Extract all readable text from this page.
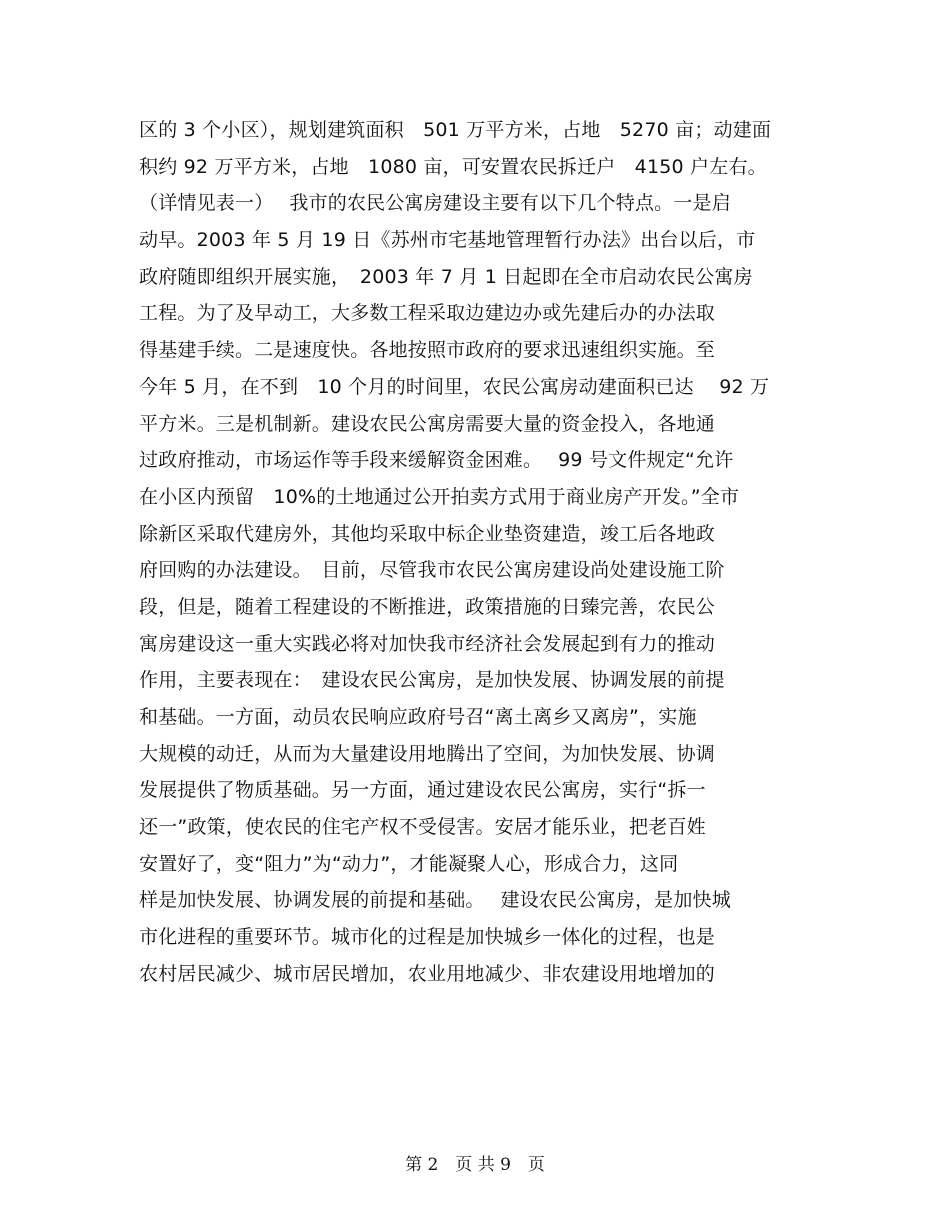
区的 3 个小区），规划建筑面积　501 万平方米，占地　5270 亩；动建面
积约 92 万平方米，占地　1080 亩，可安置农民拆迁户　4150 户左右。
（详情见表一）　 我市的农民公寓房建设主要有以下几个特点。一是启
动早。2003 年 5 月 19 日《苏州市宅基地管理暂行办法》出台以后，市
政府随即组织开展实施，　2003 年 7 月 1 日起即在全市启动农民公寓房
工程。为了及早动工，大多数工程采取边建边办或先建后办的办法取
得基建手续。二是速度快。各地按照市政府的要求迅速组织实施。至
今年 5 月，在不到　10 个月的时间里，农民公寓房动建面积已达　 92 万
平方米。三是机制新。建设农民公寓房需要大量的资金投入，各地通
过政府推动，市场运作等手段来缓解资金困难。　 99 号文件规定“允许
在小区内预留　10%的土地通过公开拍卖方式用于商业房产开发。”全市
除新区采取代建房外，其他均采取中标企业垫资建造，竣工后各地政
府回购的办法建设。　目前，尽管我市农民公寓房建设尚处建设施工阶
段，但是，随着工程建设的不断推进，政策措施的日臻完善，农民公
寓房建设这一重大实践必将对加快我市经济社会发展起到有力的推动
作用，主要表现在：　建设农民公寓房，是加快发展、协调发展的前提
和基础。一方面，动员农民响应政府号召“离土离乡又离房”，实施
大规模的动迁，从而为大量建设用地腾出了空间，为加快发展、协调
发展提供了物质基础。另一方面，通过建设农民公寓房，实行“拆一
还一”政策，使农民的住宅产权不受侵害。安居才能乐业，把老百姓
安置好了，变“阻力”为“动力”，才能凝聚人心，形成合力，这同
样是加快发展、协调发展的前提和基础。　 建设农民公寓房，是加快城
市化进程的重要环节。城市化的过程是加快城乡一体化的过程，也是
农村居民减少、城市居民增加，农业用地减少、非农建设用地增加的
第 2　页 共 9　页
